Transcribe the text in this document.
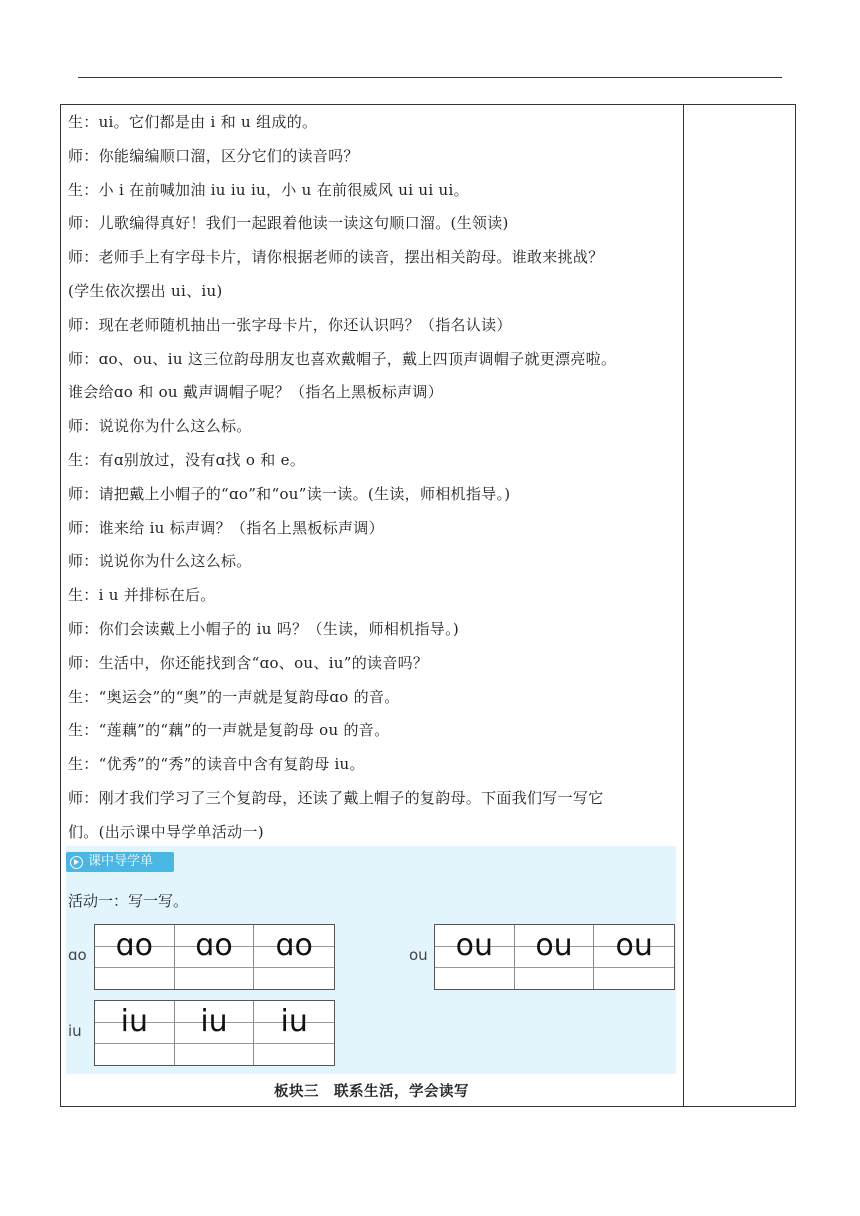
生：ui。它们都是由 i 和 u 组成的。
师：你能编编顺口溜，区分它们的读音吗？
生：小 i 在前喊加油 iu iu iu，小 u 在前很威风 ui ui ui。
师：儿歌编得真好！我们一起跟着他读一读这句顺口溜。(生领读)
师：老师手上有字母卡片，请你根据老师的读音，摆出相关韵母。谁敢来挑战？
(学生依次摆出 ui、iu)
师：现在老师随机抽出一张字母卡片，你还认识吗？（指名认读）
师：ɑo、ou、iu 这三位韵母朋友也喜欢戴帽子，戴上四顶声调帽子就更漂亮啦。
谁会给ɑo 和 ou 戴声调帽子呢？（指名上黑板标声调）
师：说说你为什么这么标。
生：有ɑ别放过，没有ɑ找 o 和 e。
师：请把戴上小帽子的“ɑo”和“ou”读一读。(生读，师相机指导。)
师：谁来给 iu 标声调？（指名上黑板标声调）
师：说说你为什么这么标。
生：i u 并排标在后。
师：你们会读戴上小帽子的 iu 吗？（生读，师相机指导。)
师：生活中，你还能找到含“ɑo、ou、iu”的读音吗？
生：“奥运会”的“奥”的一声就是复韵母ɑo 的音。
生：“莲藕”的“藕”的一声就是复韵母 ou 的音。
生：“优秀”的“秀”的读音中含有复韵母 iu。
师：刚才我们学习了三个复韵母，还读了戴上帽子的复韵母。下面我们写一写它
们。(出示课中导学单活动一)
课中导学单
活动一：写一写。
ɑo ɑo	ɑo	ɑo	ou ou	ou	ou
iu	iu	iu	iu
板块三　联系生活，学会读写
